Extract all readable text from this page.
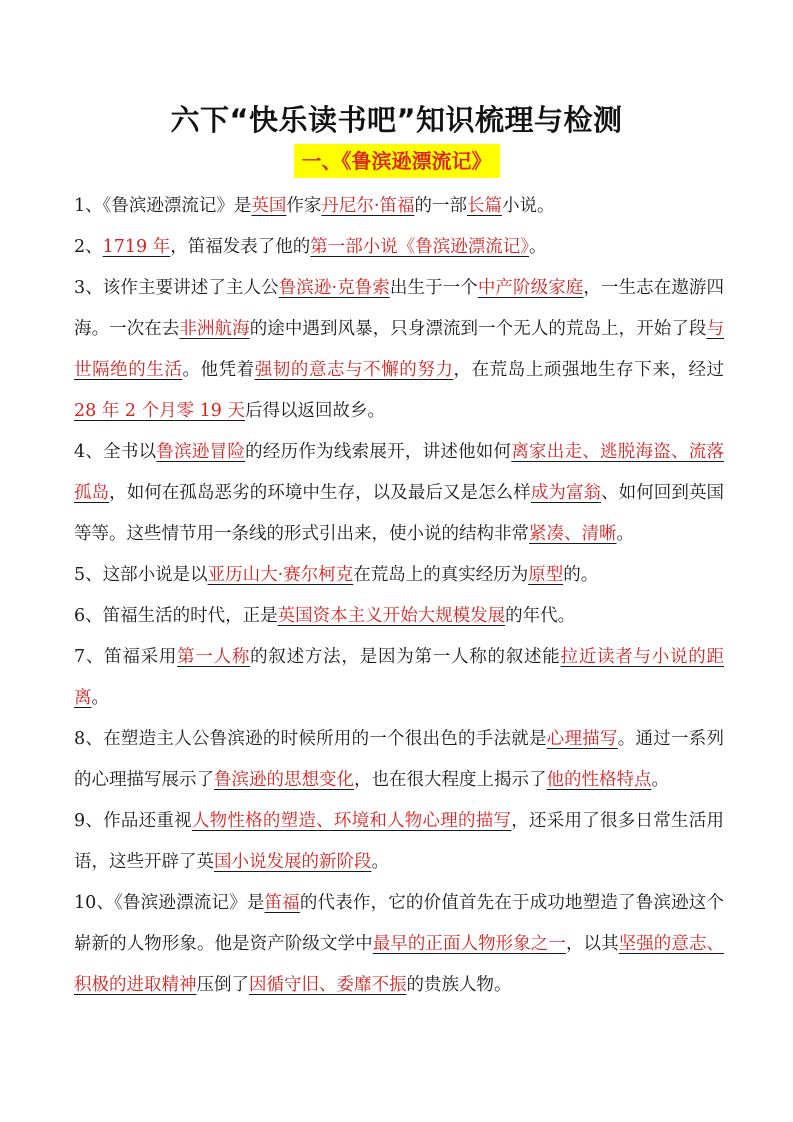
六下“快乐读书吧”知识梳理与检测
一、《鲁滨逊漂流记》

1、《鲁滨逊漂流记》是英国作家丹尼尔·笛福的一部长篇小说。

2、1719 年，笛福发表了他的第一部小说《鲁滨逊漂流记》。

3、该作主要讲述了主人公鲁滨逊·克鲁索出生于一个中产阶级家庭，一生志在遨游四海。一次在去非洲航海的途中遇到风暴，只身漂流到一个无人的荒岛上，开始了段与世隔绝的生活。他凭着强韧的意志与不懈的努力，在荒岛上顽强地生存下来，经过28 年 2 个月零 19 天后得以返回故乡。

4、全书以鲁滨逊冒险的经历作为线索展开，讲述他如何离家出走、逃脱海盗、流落孤岛，如何在孤岛恶劣的环境中生存，以及最后又是怎么样成为富翁、如何回到英国等等。这些情节用一条线的形式引出来，使小说的结构非常紧凑、清晰。

5、这部小说是以亚历山大·赛尔柯克在荒岛上的真实经历为原型的。

6、笛福生活的时代，正是英国资本主义开始大规模发展的年代。

7、笛福采用第一人称的叙述方法，是因为第一人称的叙述能拉近读者与小说的距离。

8、在塑造主人公鲁滨逊的时候所用的一个很出色的手法就是心理描写。通过一系列的心理描写展示了鲁滨逊的思想变化，也在很大程度上揭示了他的性格特点。

9、作品还重视人物性格的塑造、环境和人物心理的描写，还采用了很多日常生活用语，这些开辟了英国小说发展的新阶段。

10、《鲁滨逊漂流记》是笛福的代表作，它的价值首先在于成功地塑造了鲁滨逊这个崭新的人物形象。他是资产阶级文学中最早的正面人物形象之一，以其坚强的意志、积极的进取精神压倒了因循守旧、委靡不振的贵族人物。
